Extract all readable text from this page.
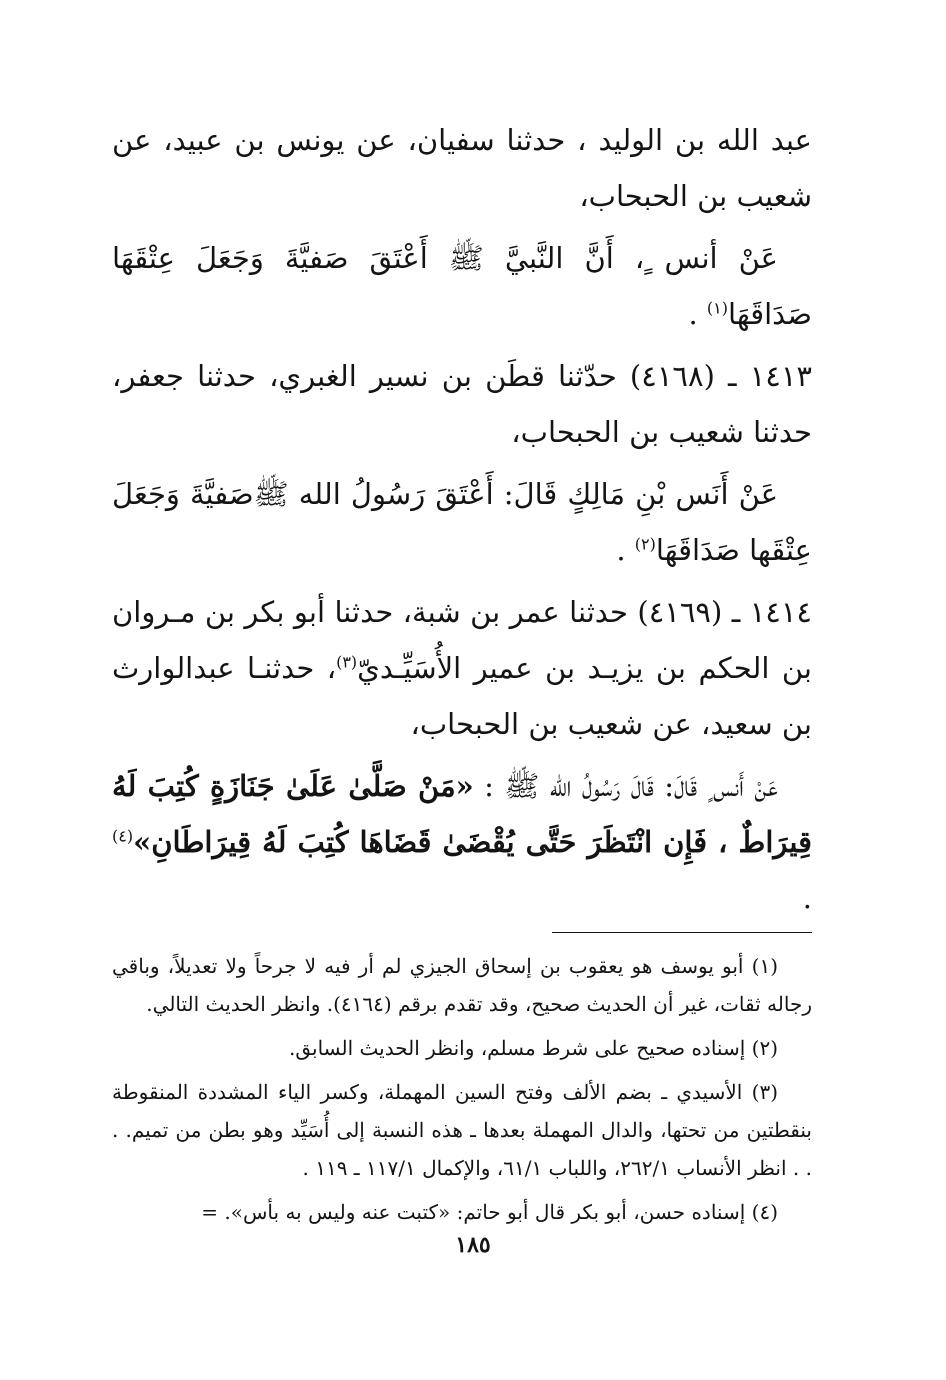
عبد الله بن الوليد ، حدثنا سفيان، عن يونس بن عبيد، عن شعيب بن الحبحاب،

عَنْ أنس ٍ، أَنَّ النَّبيَّ ﷺ أَعْتَقَ صَفيَّةَ وَجَعَلَ عِتْقَهَا صَدَاقَهَا$^{(١)}$ .

١٤١٣ ـ (٤١٦٨) حدّثنا قطَن بن نسير الغبري، حدثنا جعفر، حدثنا شعيب بن الحبحاب،

عَنْ أَنَس بْنِ مَالِكٍ قَالَ: أَعْتَقَ رَسُولُ الله ﷺصَفيَّةَ وَجَعَلَ عِتْقَها صَدَاقَهَا$^{(٢)}$ .

١٤١٤ ـ (٤١٦٩) حدثنا عمر بن شبة، حدثنا أبو بكر بن مـروان بن الحكم بن يزيـد بن عمير الأُسَيِّـديّ$^{(٣)}$، حدثنـا عبدالوارث بن سعيد، عن شعيب بن الحبحاب،

عَنْ أَنس ٍ قَالَ: قَالَ رَسُولُ الله ﷺ : «مَنْ صَلَّىٰ عَلَىٰ جَنَازَةٍ كُتِبَ لَهُ قِيرَاطٌ ، فَإِن انْتَظَرَ حَتَّى يُقْضَىٰ قَضَاهَا كُتِبَ لَهُ قِيرَاطَانِ»$^{(٤)}$ .

(١) أبو يوسف هو يعقوب بن إسحاق الجيزي لم أر فيه لا جرحاً ولا تعديلاً، وباقي رجاله ثقات، غير أن الحديث صحيح، وقد تقدم برقم (٤١٦٤). وانظر الحديث التالي.

(٢) إسناده صحيح على شرط مسلم، وانظر الحديث السابق.

(٣) الأسيدي ـ بضم الألف وفتح السين المهملة، وكسر الياء المشددة المنقوطة بنقطتين من تحتها، والدال المهملة بعدها ـ هذه النسبة إلى أُسَيِّد وهو بطن من تميم. . . . انظر الأنساب ٢٦٢/١، واللباب ٦١/١، والإكمال ١١٧/١ ـ ١١٩ .

(٤) إسناده حسن، أبو بكر قال أبو حاتم: «كتبت عنه وليس به بأس». =

١٨٥
